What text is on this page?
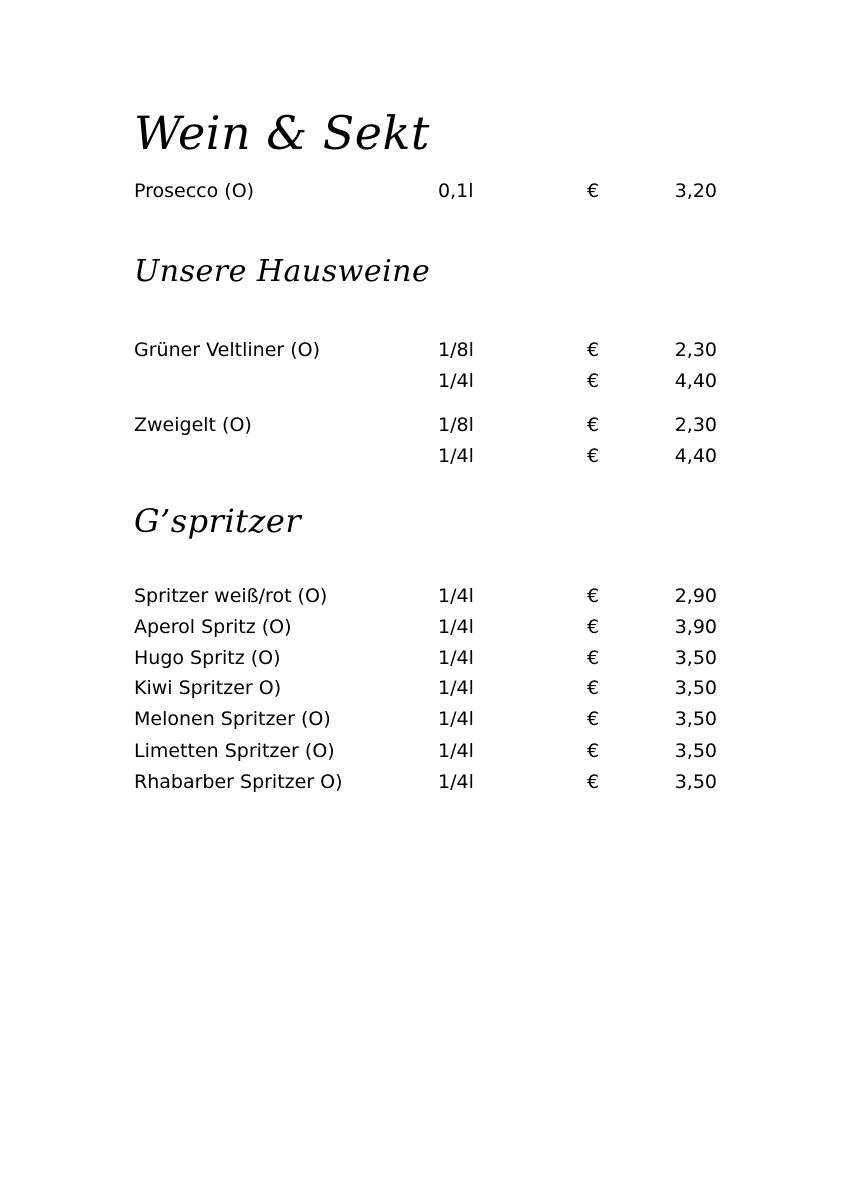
Wein & Sekt
Prosecco (O)	0,1l	€	3,20
Unsere Hausweine
Grüner Veltliner (O)	1/8l	€	2,30
1/4l	€	4,40
Zweigelt (O)	1/8l	€	2,30
1/4l	€	4,40
G’spritzer
Spritzer weiß/rot (O)	1/4l	€	2,90
Aperol Spritz (O)	1/4l	€	3,90
Hugo Spritz (O)	1/4l	€	3,50
Kiwi Spritzer O)	1/4l	€	3,50
Melonen Spritzer (O)	1/4l	€	3,50
Limetten Spritzer (O)	1/4l	€	3,50
Rhabarber Spritzer O)	1/4l	€	3,50
